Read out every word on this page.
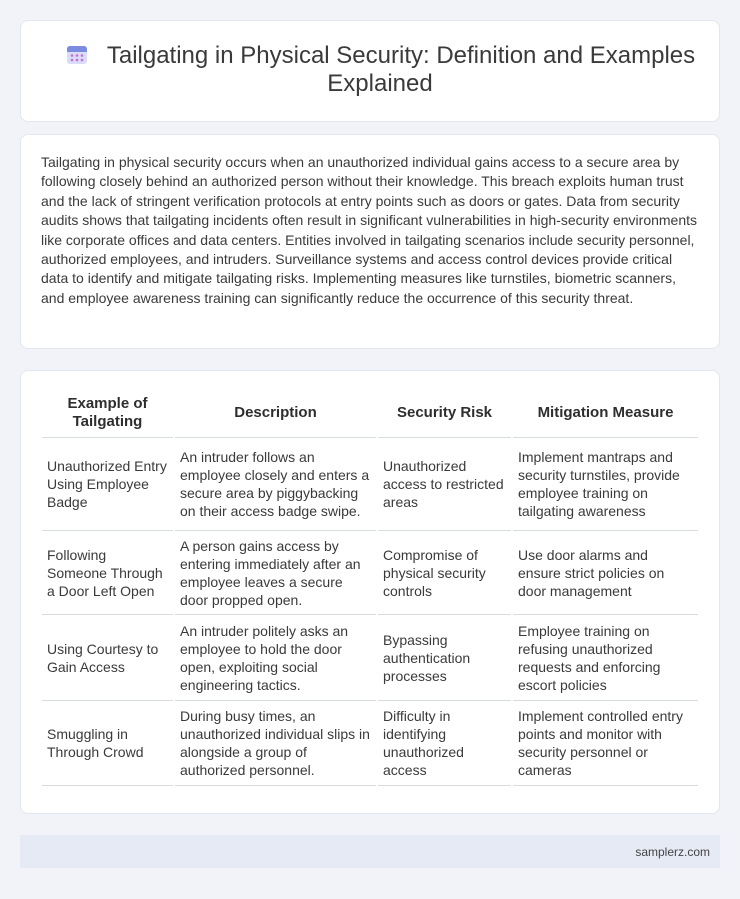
Tailgating in Physical Security: Definition and Examples Explained

Tailgating in physical security occurs when an unauthorized individual gains access to a secure area by following closely behind an authorized person without their knowledge. This breach exploits human trust and the lack of stringent verification protocols at entry points such as doors or gates. Data from security audits shows that tailgating incidents often result in significant vulnerabilities in high-security environments like corporate offices and data centers. Entities involved in tailgating scenarios include security personnel, authorized employees, and intruders. Surveillance systems and access control devices provide critical data to identify and mitigate tailgating risks. Implementing measures like turnstiles, biometric scanners, and employee awareness training can significantly reduce the occurrence of this security threat.

Example of Tailgating	Description	Security Risk	Mitigation Measure
Unauthorized Entry Using Employee Badge	An intruder follows an employee closely and enters a secure area by piggybacking on their access badge swipe.	Unauthorized access to restricted areas	Implement mantraps and security turnstiles, provide employee training on tailgating awareness
Following Someone Through a Door Left Open	A person gains access by entering immediately after an employee leaves a secure door propped open.	Compromise of physical security controls	Use door alarms and ensure strict policies on door management
Using Courtesy to Gain Access	An intruder politely asks an employee to hold the door open, exploiting social engineering tactics.	Bypassing authentication processes	Employee training on refusing unauthorized requests and enforcing escort policies
Smuggling in Through Crowd	During busy times, an unauthorized individual slips in alongside a group of authorized personnel.	Difficulty in identifying unauthorized access	Implement controlled entry points and monitor with security personnel or cameras
samplerz.com
